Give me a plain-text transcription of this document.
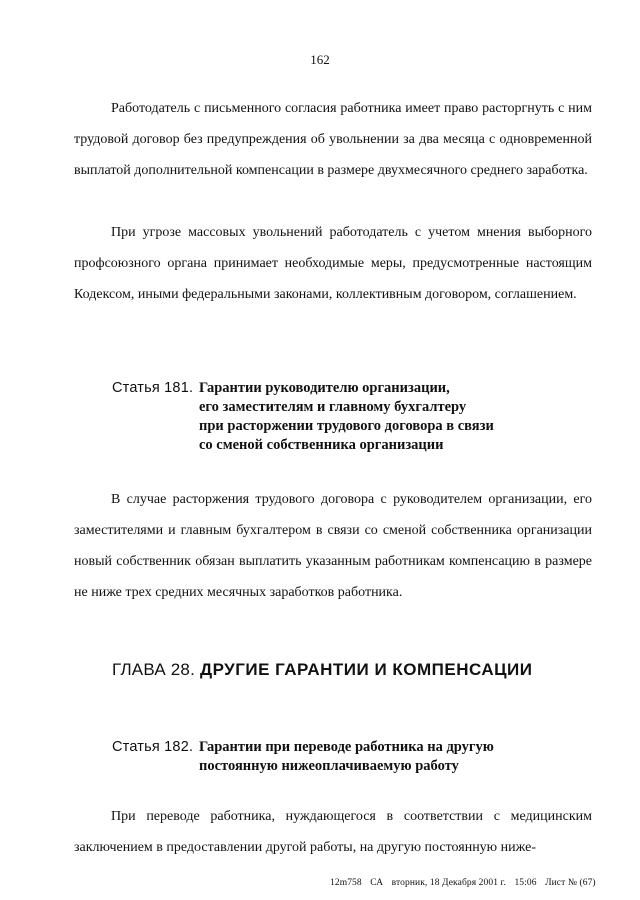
162

Работодатель с письменного согласия работника имеет право расторгнуть с ним трудовой договор без предупреждения об увольнении за два месяца с одновременной выплатой дополнительной компенсации в размере двухмесячного среднего заработка.

При угрозе массовых увольнений работодатель с учетом мнения выборного профсоюзного органа принимает необходимые меры, предусмотренные настоящим Кодексом, иными федеральными законами, коллективным договором, соглашением.

Статья 181. Гарантии руководителю организации,
его заместителям и главному бухгалтеру
при расторжении трудового договора в связи
со сменой собственника организации

В случае расторжения трудового договора с руководителем организации, его заместителями и главным бухгалтером в связи со сменой собственника организации новый собственник обязан выплатить указанным работникам компенсацию в размере не ниже трех средних месячных заработков работника.

ГЛАВА 28. ДРУГИЕ ГАРАНТИИ И КОМПЕНСАЦИИ
Статья 182. Гарантии при переводе работника на другую
постоянную нижеоплачиваемую работу

При переводе работника, нуждающегося в соответствии с медицинским заключением в предоставлении другой работы, на другую постоянную ниже-

12m758 СА вторник, 18 Декабря 2001 г. 15:06 Лист № (67)
